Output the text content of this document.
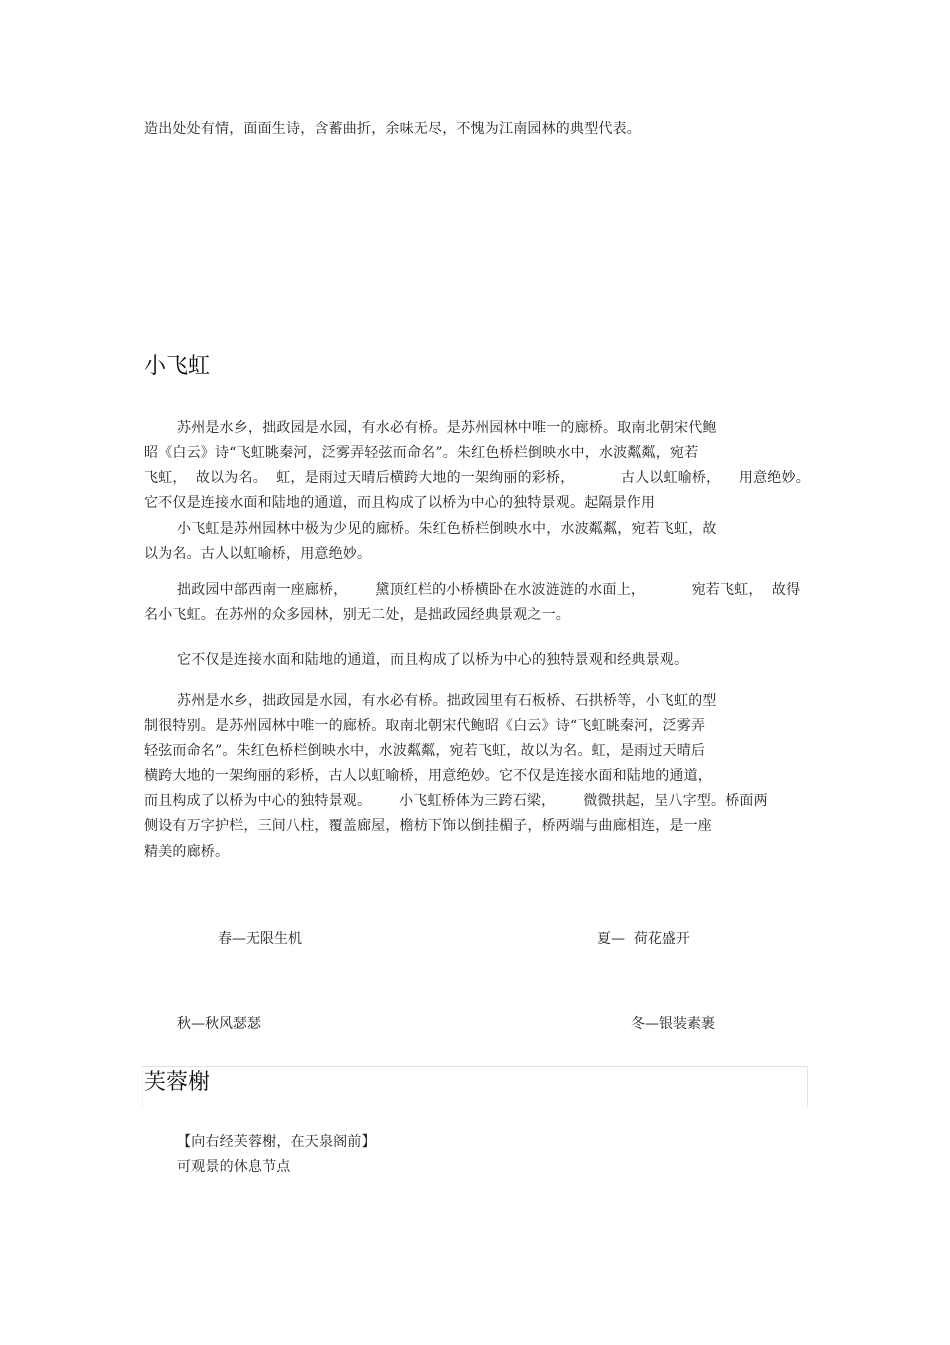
造出处处有情，面面生诗，含蓄曲折，余味无尽，不愧为江南园林的典型代表。
小飞虹
苏州是水乡，拙政园是水园，有水必有桥。是苏州园林中唯一的廊桥。取南北朝宋代鲍
昭《白云》诗“飞虹眺秦河，泛雾弄轻弦而命名”。朱红色桥栏倒映水中，水波粼粼，宛若
飞虹，  故以为名。  虹，是雨过天晴后横跨大地的一架绚丽的彩桥，          古人以虹喻桥，    用意绝妙。
它不仅是连接水面和陆地的通道，而且构成了以桥为中心的独特景观。起隔景作用
小飞虹是苏州园林中极为少见的廊桥。朱红色桥栏倒映水中，水波粼粼，宛若飞虹，故
以为名。古人以虹喻桥，用意绝妙。
拙政园中部西南一座廊桥，      黛顶红栏的小桥横卧在水波涟涟的水面上，          宛若飞虹，  故得
名小飞虹。在苏州的众多园林，别无二处，是拙政园经典景观之一。
它不仅是连接水面和陆地的通道，而且构成了以桥为中心的独特景观和经典景观。
苏州是水乡，拙政园是水园，有水必有桥。拙政园里有石板桥、石拱桥等，小飞虹的型
制很特别。是苏州园林中唯一的廊桥。取南北朝宋代鲍昭《白云》诗“飞虹眺秦河，泛雾弄
轻弦而命名”。朱红色桥栏倒映水中，水波粼粼，宛若飞虹，故以为名。虹，是雨过天晴后
横跨大地的一架绚丽的彩桥，古人以虹喻桥，用意绝妙。它不仅是连接水面和陆地的通道，
而且构成了以桥为中心的独特景观。      小飞虹桥体为三跨石梁，      微微拱起，呈八字型。桥面两
侧设有万字护栏，三间八柱，覆盖廊屋，檐枋下饰以倒挂楣子，桥两端与曲廊相连，是一座
精美的廊桥。
春—无限生机	夏—  荷花盛开
秋—秋风瑟瑟	冬—银装素裹
芙蓉榭
【向右经芙蓉榭，在天泉阁前】
可观景的休息节点
